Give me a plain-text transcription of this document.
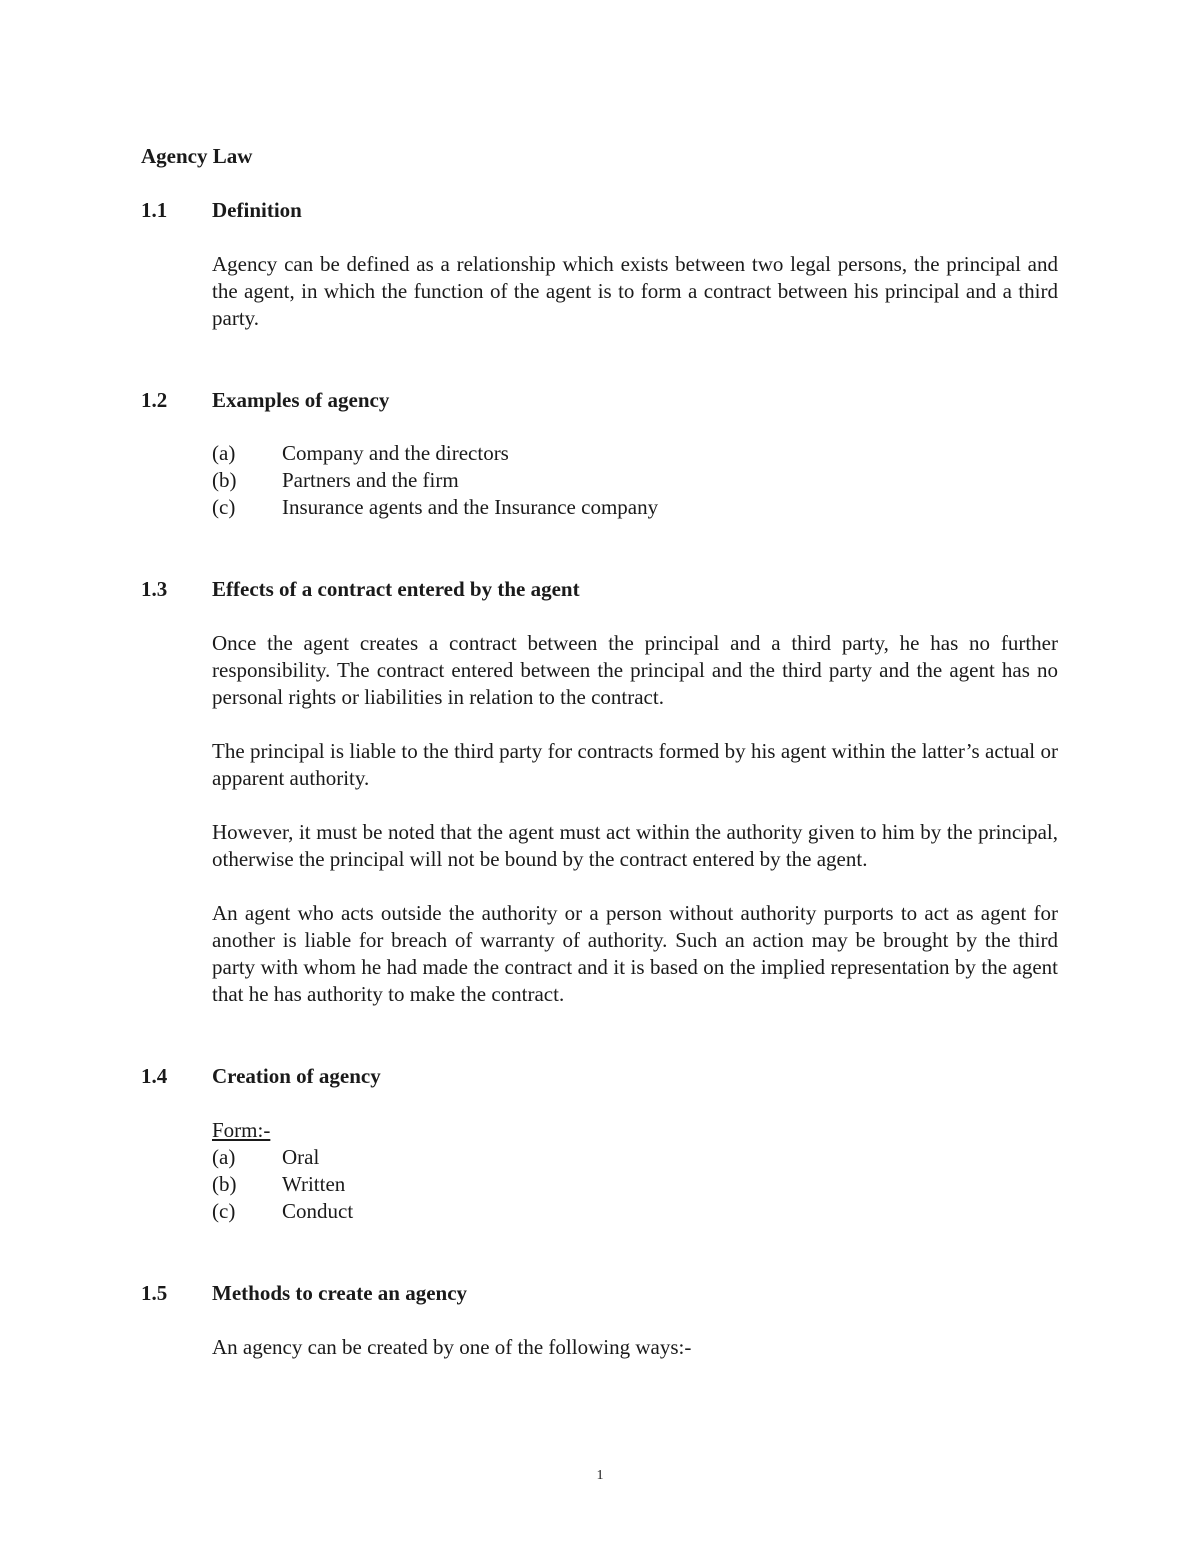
Agency Law
1.1 Definition

Agency can be defined as a relationship which exists between two legal persons, the principal and the agent, in which the function of the agent is to form a contract between his principal and a third party.

1.2 Examples of agency
(a) Company and the directors
(b) Partners and the firm
(c) Insurance agents and the Insurance company
1.3 Effects of a contract entered by the agent

Once the agent creates a contract between the principal and a third party, he has no further responsibility. The contract entered between the principal and the third party and the agent has no personal rights or liabilities in relation to the contract.

The principal is liable to the third party for contracts formed by his agent within the latter’s actual or apparent authority.

However, it must be noted that the agent must act within the authority given to him by the principal, otherwise the principal will not be bound by the contract entered by the agent.

An agent who acts outside the authority or a person without authority purports to act as agent for another is liable for breach of warranty of authority. Such an action may be brought by the third party with whom he had made the contract and it is based on the implied representation by the agent that he has authority to make the contract.

1.4 Creation of agency
Form:-
(a) Oral
(b) Written
(c) Conduct
1.5 Methods to create an agency

An agency can be created by one of the following ways:-

1
